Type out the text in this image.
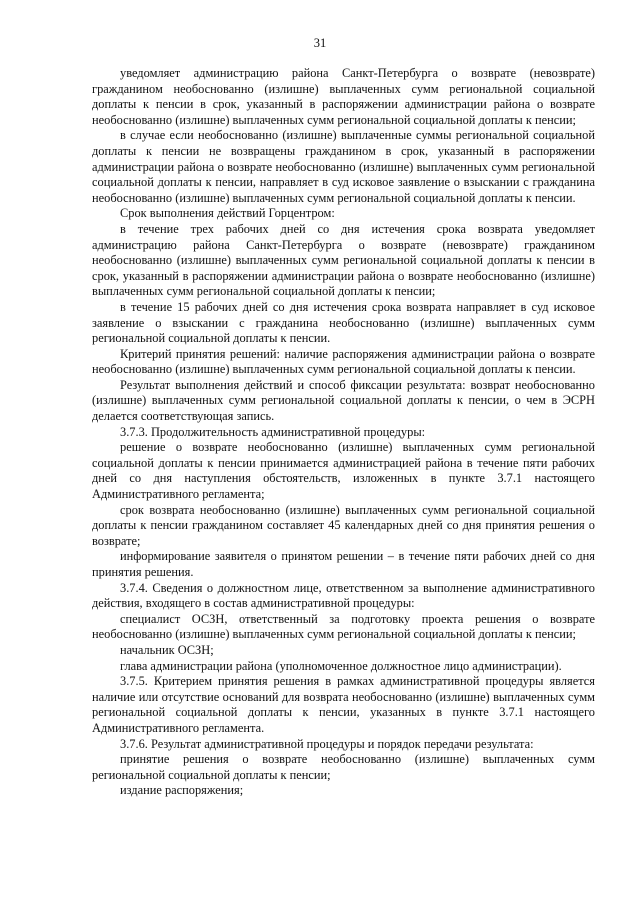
31

уведомляет администрацию района Санкт-Петербурга о возврате (невозврате) гражданином необоснованно (излишне) выплаченных сумм региональной социальной доплаты к пенсии в срок, указанный в распоряжении администрации района о возврате необоснованно (излишне) выплаченных сумм региональной социальной доплаты к пенсии;

в случае если необоснованно (излишне) выплаченные суммы региональной социальной доплаты к пенсии не возвращены гражданином в срок, указанный в распоряжении администрации района о возврате необоснованно (излишне) выплаченных сумм региональной социальной доплаты к пенсии, направляет в суд исковое заявление о взыскании с гражданина необоснованно (излишне) выплаченных сумм региональной социальной доплаты к пенсии.

Срок выполнения действий Горцентром:

в течение трех рабочих дней со дня истечения срока возврата уведомляет администрацию района Санкт-Петербурга о возврате (невозврате) гражданином необоснованно (излишне) выплаченных сумм региональной социальной доплаты к пенсии в срок, указанный в распоряжении администрации района о возврате необоснованно (излишне) выплаченных сумм региональной социальной доплаты к пенсии;

в течение 15 рабочих дней со дня истечения срока возврата направляет в суд исковое заявление о взыскании с гражданина необоснованно (излишне) выплаченных сумм региональной социальной доплаты к пенсии.

Критерий принятия решений: наличие распоряжения администрации района о возврате необоснованно (излишне) выплаченных сумм региональной социальной доплаты к пенсии.

Результат выполнения действий и способ фиксации результата: возврат необоснованно (излишне) выплаченных сумм региональной социальной доплаты к пенсии, о чем в ЭСРН делается соответствующая запись.

3.7.3. Продолжительность административной процедуры:

решение о возврате необоснованно (излишне) выплаченных сумм региональной социальной доплаты к пенсии принимается администрацией района в течение пяти рабочих дней со дня наступления обстоятельств, изложенных в пункте 3.7.1 настоящего Административного регламента;

срок возврата необоснованно (излишне) выплаченных сумм региональной социальной доплаты к пенсии гражданином составляет 45 календарных дней со дня принятия решения о возврате;

информирование заявителя о принятом решении – в течение пяти рабочих дней со дня принятия решения.

3.7.4. Сведения о должностном лице, ответственном за выполнение административного действия, входящего в состав административной процедуры:

специалист ОСЗН, ответственный за подготовку проекта решения о возврате необоснованно (излишне) выплаченных сумм региональной социальной доплаты к пенсии;

начальник ОСЗН;

глава администрации района (уполномоченное должностное лицо администрации).

3.7.5. Критерием принятия решения в рамках административной процедуры является наличие или отсутствие оснований для возврата необоснованно (излишне) выплаченных сумм региональной социальной доплаты к пенсии, указанных в пункте 3.7.1 настоящего Административного регламента.

3.7.6. Результат административной процедуры и порядок передачи результата:

принятие решения о возврате необоснованно (излишне) выплаченных сумм региональной социальной доплаты к пенсии;

издание распоряжения;
